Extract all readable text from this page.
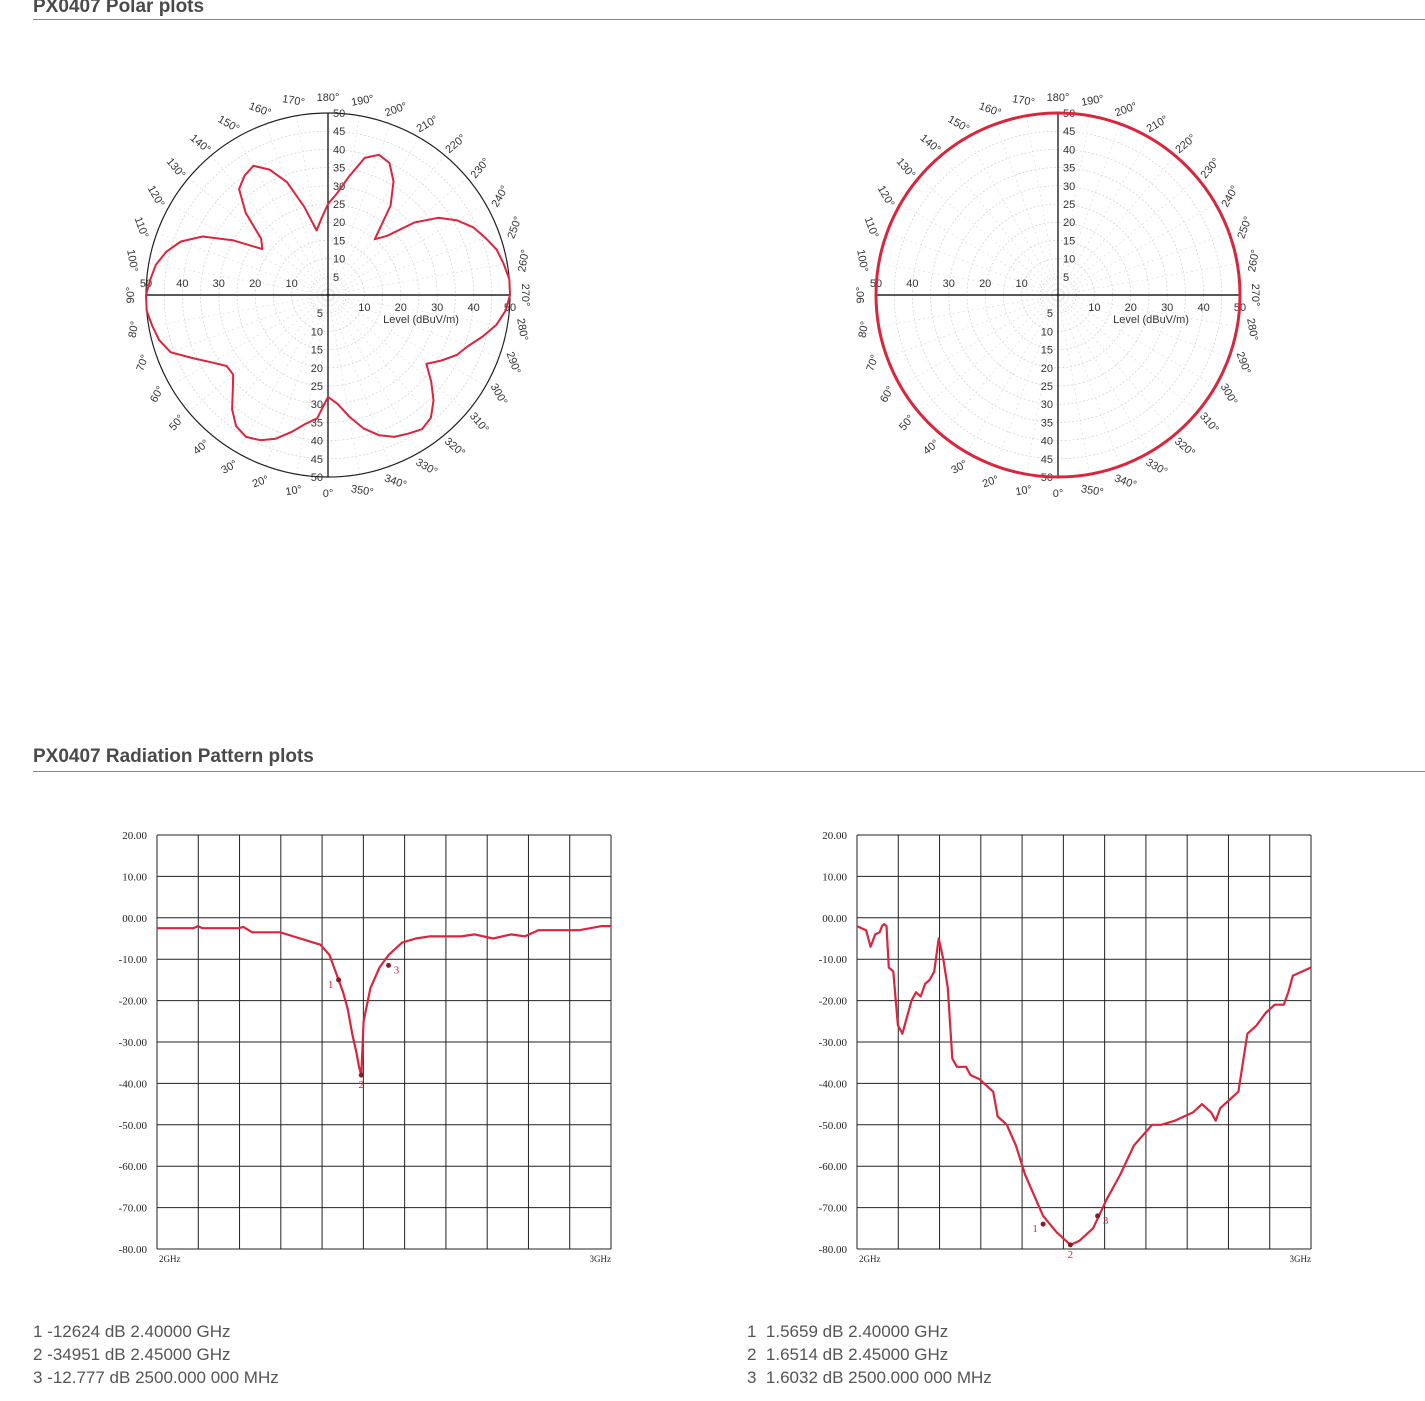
PX0407 Polar plots
5
5
10
10
15
15
20
20
25
25
30
30
35
35
40
40
45
45
50
50
10
10
20
20
30
30
40
40
50
50
Level (dBuV/m)
0°
10°
20°
30°
40°
50°
60°
70°
80°
90°
100°
110°
120°
130°
140°
150°
160° 170° 180° 190° 200°
210°
220°
230°
240°
250°
260°
270°
280°
290°
300°
310°
320°
330°
340°
350°
5
5
10
10
15
15
20
20
25
25
30
30
35
35
40
40
45
45
50
50
10
10
20
20
30
30
40
40
50
50
Level (dBuV/m)
0°
10°
20°
30°
40°
50°
60°
70°
80°
90°
100°
110°
120°
130°
140°
150°
160° 170° 180° 190° 200°
210°
220°
230°
240°
250°
260°
270°
280°
290°
300°
310°
320°
330°
340°
350°
PX0407 Radiation Pattern plots
20.00
10.00
00.00
-10.00
-20.00
-30.00
-40.00
-50.00
-60.00
-70.00
-80.00
2GHz	3GHz
1
2
3
20.00
10.00
00.00
-10.00
-20.00
-30.00
-40.00
-50.00
-60.00
-70.00
-80.00
2GHz	3GHz
1
2
3
1 -12624 dB 2.40000 GHz
2 -34951 dB 2.45000 GHz
3 -12.777 dB 2500.000 000 MHz
1  1.5659 dB 2.40000 GHz
2  1.6514 dB 2.45000 GHz
3  1.6032 dB 2500.000 000 MHz
